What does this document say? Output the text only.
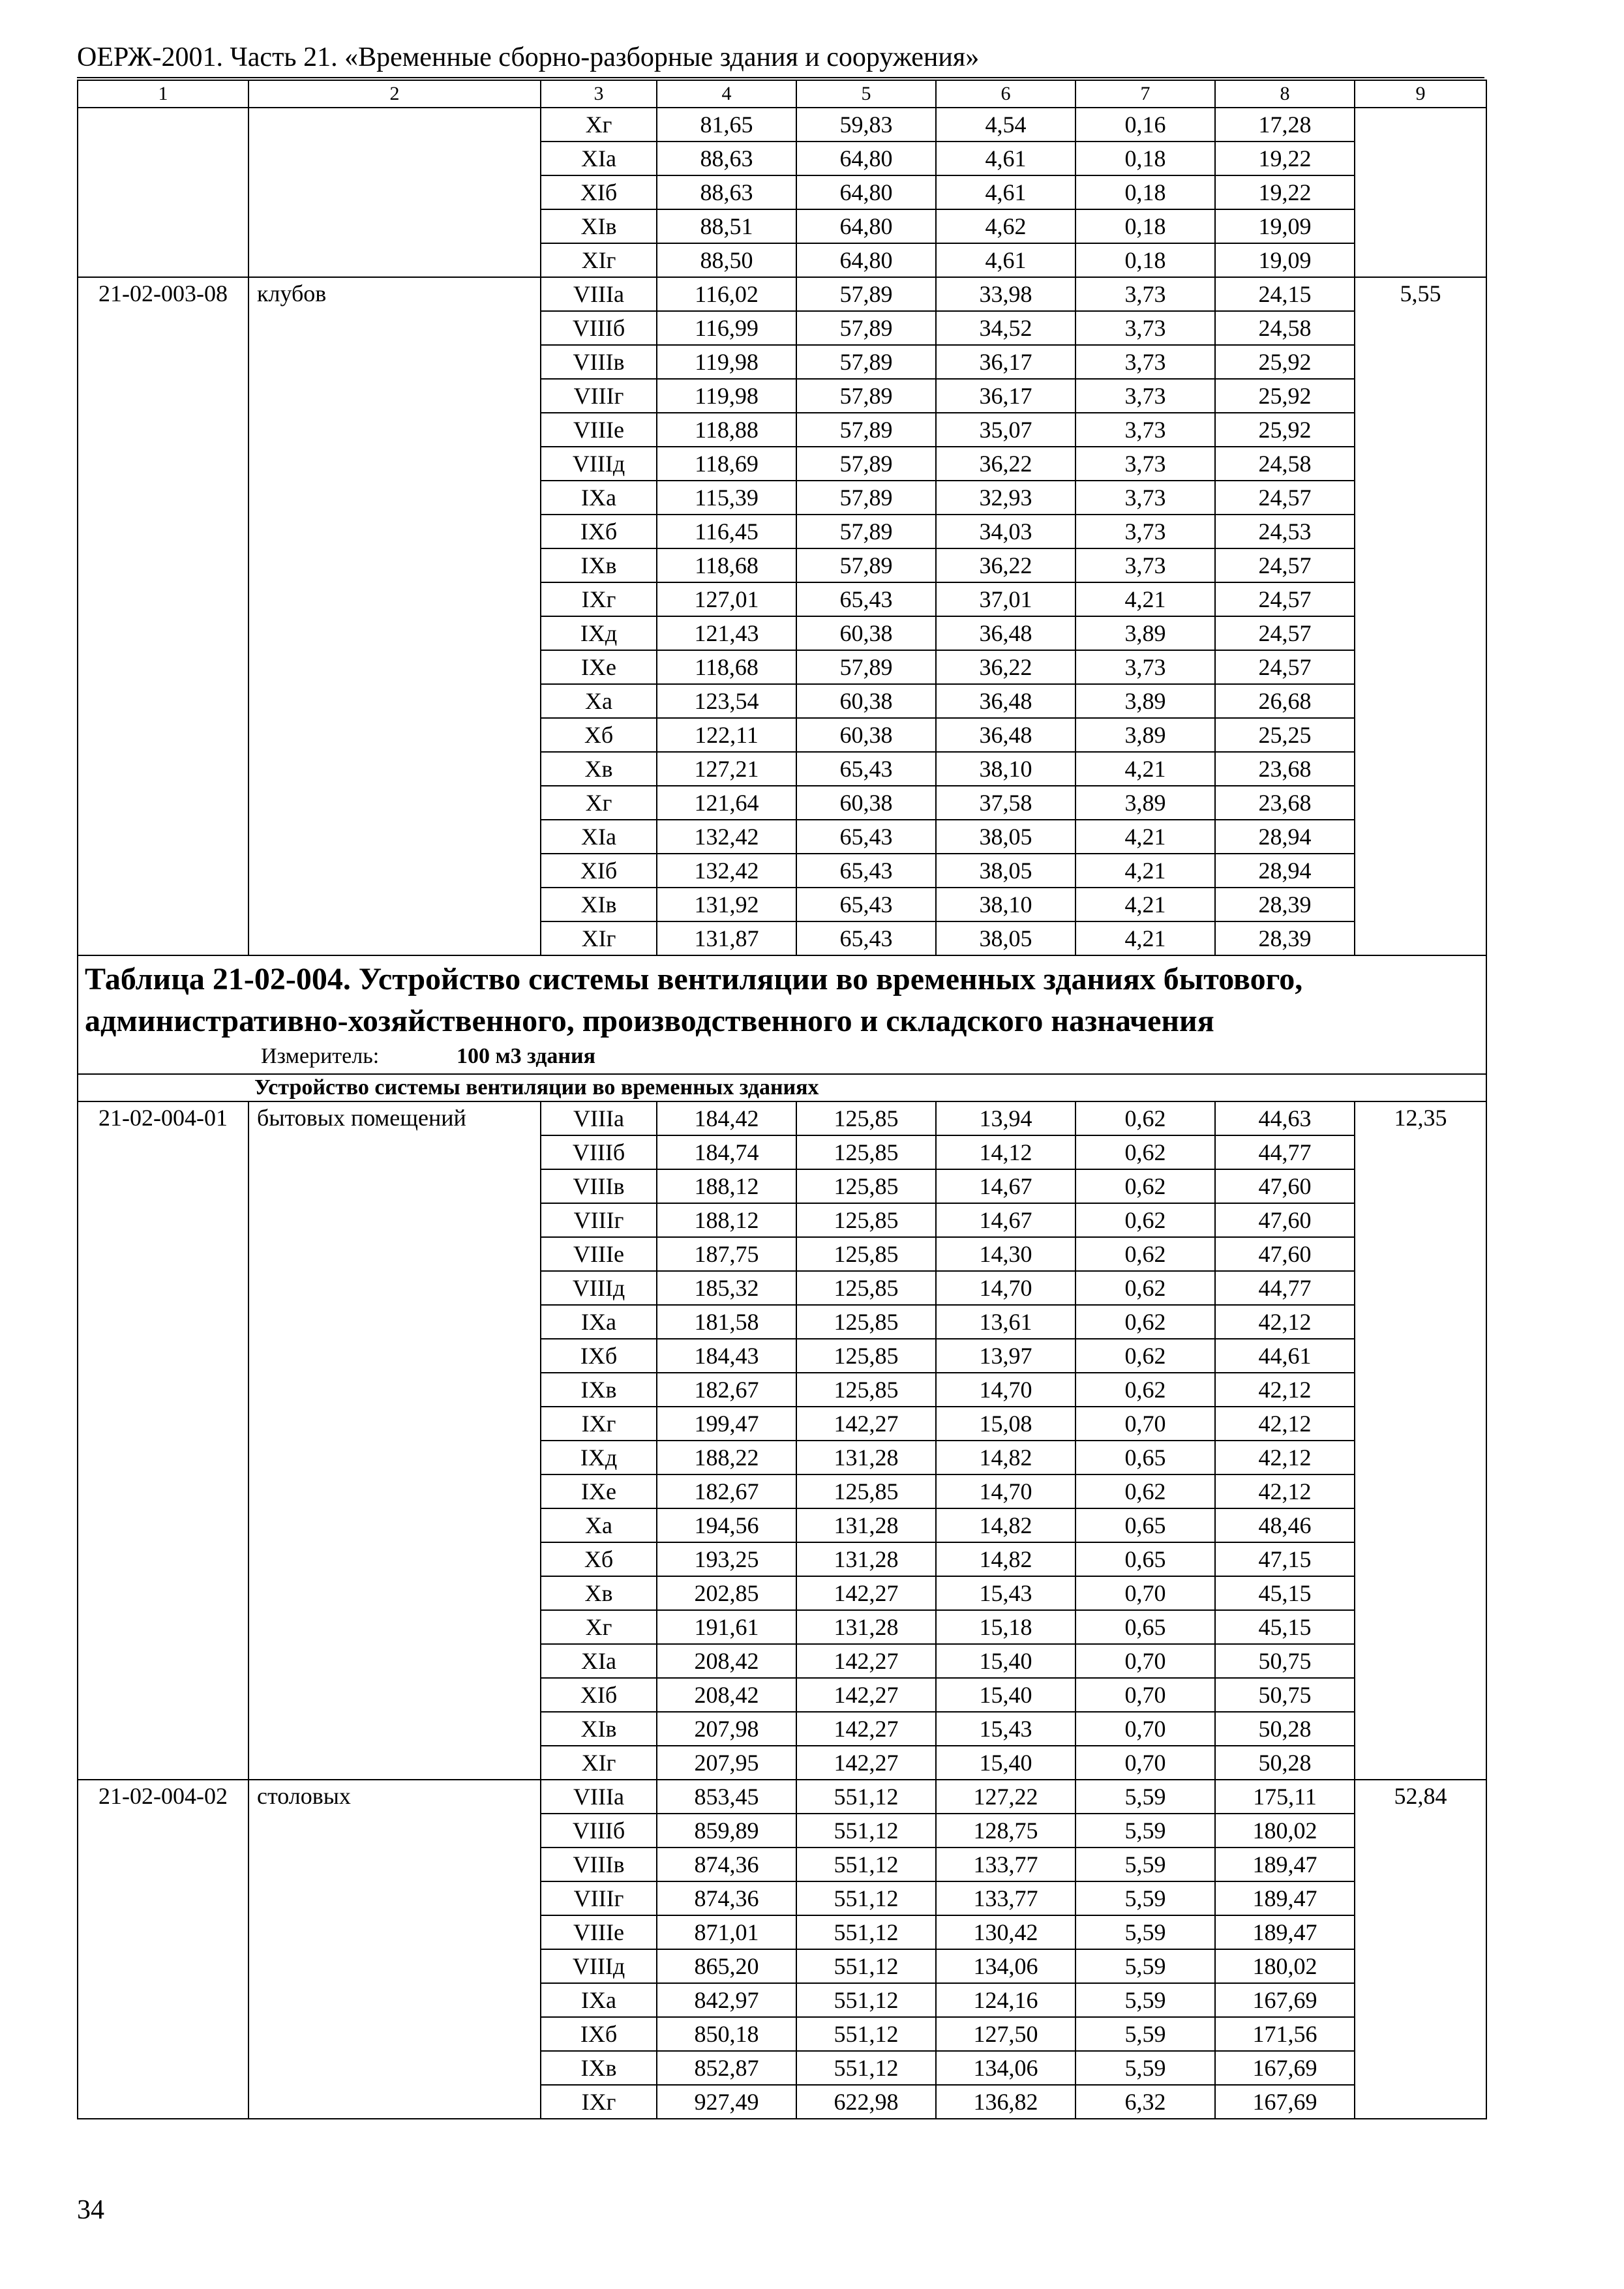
ОЕРЖ-2001. Часть 21. «Временные сборно-разборные здания и сооружения»
1	2	3	4	5	6	7	8	9
		Хг	81,65	59,83	4,54	0,16	17,28	
		ХIа	88,63	64,80	4,61	0,18	19,22	
		ХIб	88,63	64,80	4,61	0,18	19,22	
		ХIв	88,51	64,80	4,62	0,18	19,09	
		ХIг	88,50	64,80	4,61	0,18	19,09	
21-02-003-08	клубов	VIIIа	116,02	57,89	33,98	3,73	24,15	5,55
		VIIIб	116,99	57,89	34,52	3,73	24,58	
		VIIIв	119,98	57,89	36,17	3,73	25,92	
		VIIIг	119,98	57,89	36,17	3,73	25,92	
		VIIIе	118,88	57,89	35,07	3,73	25,92	
		VIIIд	118,69	57,89	36,22	3,73	24,58	
		IХа	115,39	57,89	32,93	3,73	24,57	
		IХб	116,45	57,89	34,03	3,73	24,53	
		IХв	118,68	57,89	36,22	3,73	24,57	
		IХг	127,01	65,43	37,01	4,21	24,57	
		IХд	121,43	60,38	36,48	3,89	24,57	
		IХе	118,68	57,89	36,22	3,73	24,57	
		Ха	123,54	60,38	36,48	3,89	26,68	
		Хб	122,11	60,38	36,48	3,89	25,25	
		Хв	127,21	65,43	38,10	4,21	23,68	
		Хг	121,64	60,38	37,58	3,89	23,68	
		ХIа	132,42	65,43	38,05	4,21	28,94	
		ХIб	132,42	65,43	38,05	4,21	28,94	
		ХIв	131,92	65,43	38,10	4,21	28,39	
		ХIг	131,87	65,43	38,05	4,21	28,39	

Таблица 21-02-004. Устройство системы вентиляции во временных зданиях бытового, административно-хозяйственного, производственного и складского назначения
Измеритель: 100 м3 здания								

Устройство системы вентиляции во временных зданиях								
21-02-004-01	бытовых помещений	VIIIа	184,42	125,85	13,94	0,62	44,63	12,35
		VIIIб	184,74	125,85	14,12	0,62	44,77	
		VIIIв	188,12	125,85	14,67	0,62	47,60	
		VIIIг	188,12	125,85	14,67	0,62	47,60	
		VIIIе	187,75	125,85	14,30	0,62	47,60	
		VIIIд	185,32	125,85	14,70	0,62	44,77	
		IХа	181,58	125,85	13,61	0,62	42,12	
		IХб	184,43	125,85	13,97	0,62	44,61	
		IХв	182,67	125,85	14,70	0,62	42,12	
		IХг	199,47	142,27	15,08	0,70	42,12	
		IХд	188,22	131,28	14,82	0,65	42,12	
		IХе	182,67	125,85	14,70	0,62	42,12	
		Ха	194,56	131,28	14,82	0,65	48,46	
		Хб	193,25	131,28	14,82	0,65	47,15	
		Хв	202,85	142,27	15,43	0,70	45,15	
		Хг	191,61	131,28	15,18	0,65	45,15	
		ХIа	208,42	142,27	15,40	0,70	50,75	
		ХIб	208,42	142,27	15,40	0,70	50,75	
		ХIв	207,98	142,27	15,43	0,70	50,28	
		ХIг	207,95	142,27	15,40	0,70	50,28	
21-02-004-02	столовых	VIIIа	853,45	551,12	127,22	5,59	175,11	52,84
		VIIIб	859,89	551,12	128,75	5,59	180,02	
		VIIIв	874,36	551,12	133,77	5,59	189,47	
		VIIIг	874,36	551,12	133,77	5,59	189,47	
		VIIIе	871,01	551,12	130,42	5,59	189,47	
		VIIIд	865,20	551,12	134,06	5,59	180,02	
		IХа	842,97	551,12	124,16	5,59	167,69	
		IХб	850,18	551,12	127,50	5,59	171,56	
		IХв	852,87	551,12	134,06	5,59	167,69	
		IХг	927,49	622,98	136,82	6,32	167,69	
34
